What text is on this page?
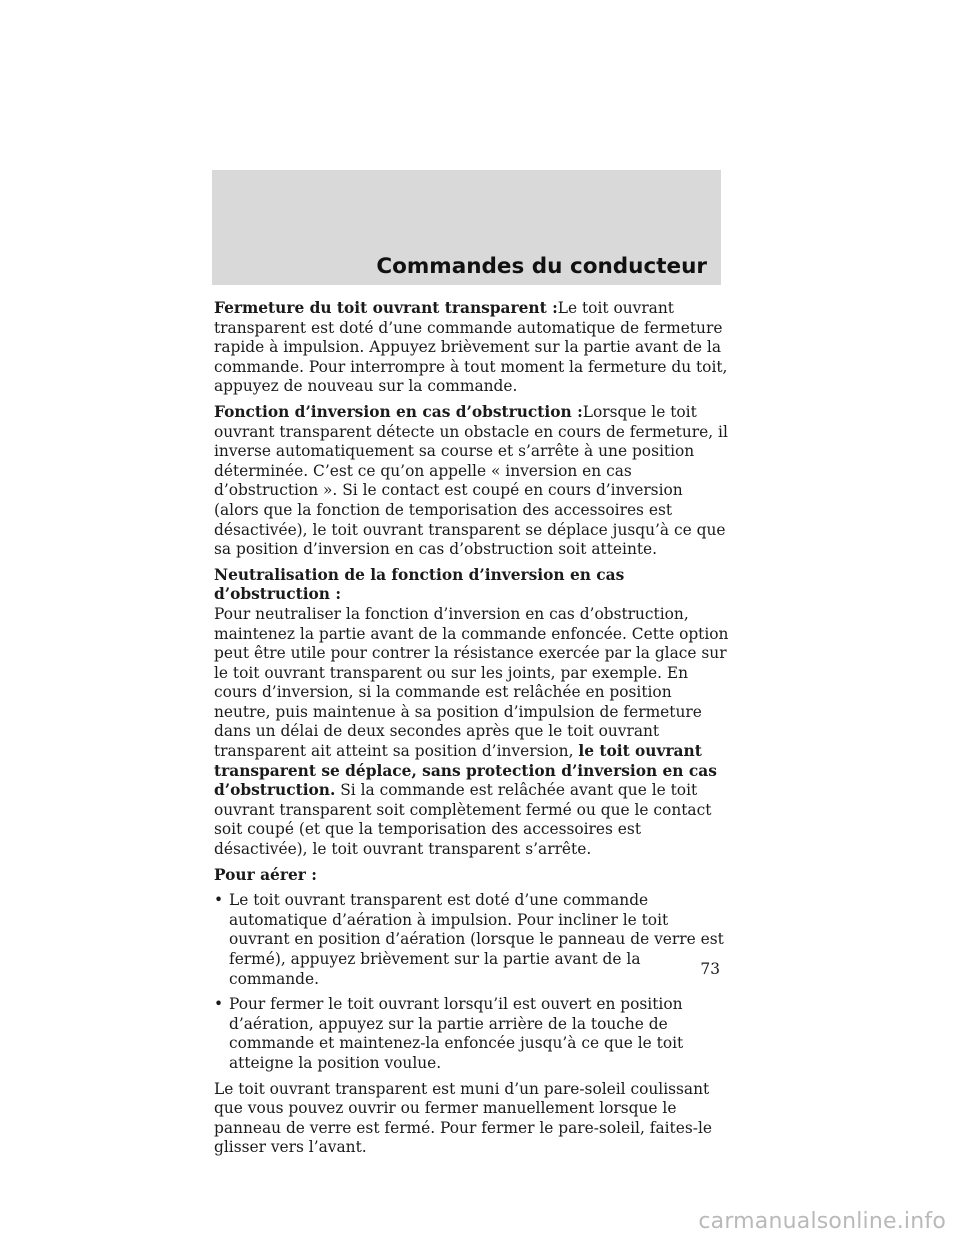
Commandes du conducteur

Fermeture du toit ouvrant transparent :Le toit ouvrant transparent est doté d’une commande automatique de fermeture rapide à impulsion. Appuyez brièvement sur la partie avant de la commande. Pour interrompre à tout moment la fermeture du toit, appuyez de nouveau sur la commande.

Fonction d’inversion en cas d’obstruction :Lorsque le toit ouvrant transparent détecte un obstacle en cours de fermeture, il inverse automatiquement sa course et s’arrête à une position déterminée. C’est ce qu’on appelle « inversion en cas d’obstruction ». Si le contact est coupé en cours d’inversion (alors que la fonction de temporisation des accessoires est désactivée), le toit ouvrant transparent se déplace jusqu’à ce que sa position d’inversion en cas d’obstruction soit atteinte.

Neutralisation de la fonction d’inversion en cas d’obstruction :
Pour neutraliser la fonction d’inversion en cas d’obstruction, maintenez la partie avant de la commande enfoncée. Cette option peut être utile pour contrer la résistance exercée par la glace sur le toit ouvrant transparent ou sur les joints, par exemple. En cours d’inversion, si la commande est relâchée en position neutre, puis maintenue à sa position d’impulsion de fermeture dans un délai de deux secondes après que le toit ouvrant transparent ait atteint sa position d’inversion, le toit ouvrant transparent se déplace, sans protection d’inversion en cas d’obstruction. Si la commande est relâchée avant que le toit ouvrant transparent soit complètement fermé ou que le contact soit coupé (et que la temporisation des accessoires est désactivée), le toit ouvrant transparent s’arrête.

Pour aérer :

• Le toit ouvrant transparent est doté d’une commande automatique d’aération à impulsion. Pour incliner le toit ouvrant en position d’aération (lorsque le panneau de verre est fermé), appuyez brièvement sur la partie avant de la commande.
• Pour fermer le toit ouvrant lorsqu’il est ouvert en position d’aération, appuyez sur la partie arrière de la touche de commande et maintenez-la enfoncée jusqu’à ce que le toit atteigne la position voulue.

Le toit ouvrant transparent est muni d’un pare-soleil coulissant que vous pouvez ouvrir ou fermer manuellement lorsque le panneau de verre est fermé. Pour fermer le pare-soleil, faites-le glisser vers l’avant.

73
carmanualsonline.info
